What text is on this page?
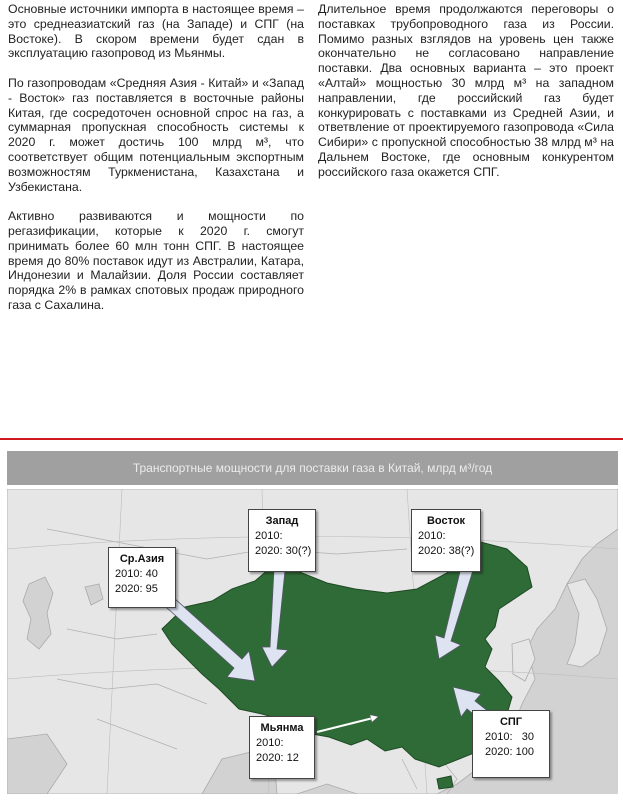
Основные источники импорта в настоящее время – это среднеазиатский газ (на Западе) и СПГ (на Востоке). В скором времени будет сдан в эксплуатацию газопровод из Мьянмы.

По газопроводам «Средняя Азия - Китай» и «Запад - Восток» газ поставляется в восточные районы Китая, где сосредоточен основной спрос на газ, а суммарная пропускная способность системы к 2020 г. может достичь 100 млрд м³, что соответствует общим потенциальным экспортным возможностям Туркменистана, Казахстана и Узбекистана.

Активно развиваются и мощности по регазификации, которые к 2020 г. смогут принимать более 60 млн тонн СПГ. В настоящее время до 80% поставок идут из Австралии, Катара, Индонезии и Малайзии. Доля России составляет порядка 2% в рамках спотовых продаж природного газа с Сахалина.

Длительное время продолжаются переговоры о поставках трубопроводного газа из России. Помимо разных взглядов на уровень цен также окончательно не согласовано направление поставки. Два основных варианта – это проект «Алтай» мощностью 30 млрд м³ на западном направлении, где российский газ будет конкурировать с поставками из Средней Азии, и ответвление от проектируемого газопровода «Сила Сибири» с пропускной способностью 38 млрд м³ на Дальнем Востоке, где основным конкурентом российского газа окажется СПГ.

Транспортные мощности для поставки газа в Китай, млрд м³/год
Ср.Азия
2010: 40
2020: 95
Запад
2010:
2020: 30(?)
Восток
2010:
2020: 38(?)
Мьянма
2010:
2020: 12
СПГ
2010:   30
2020: 100
